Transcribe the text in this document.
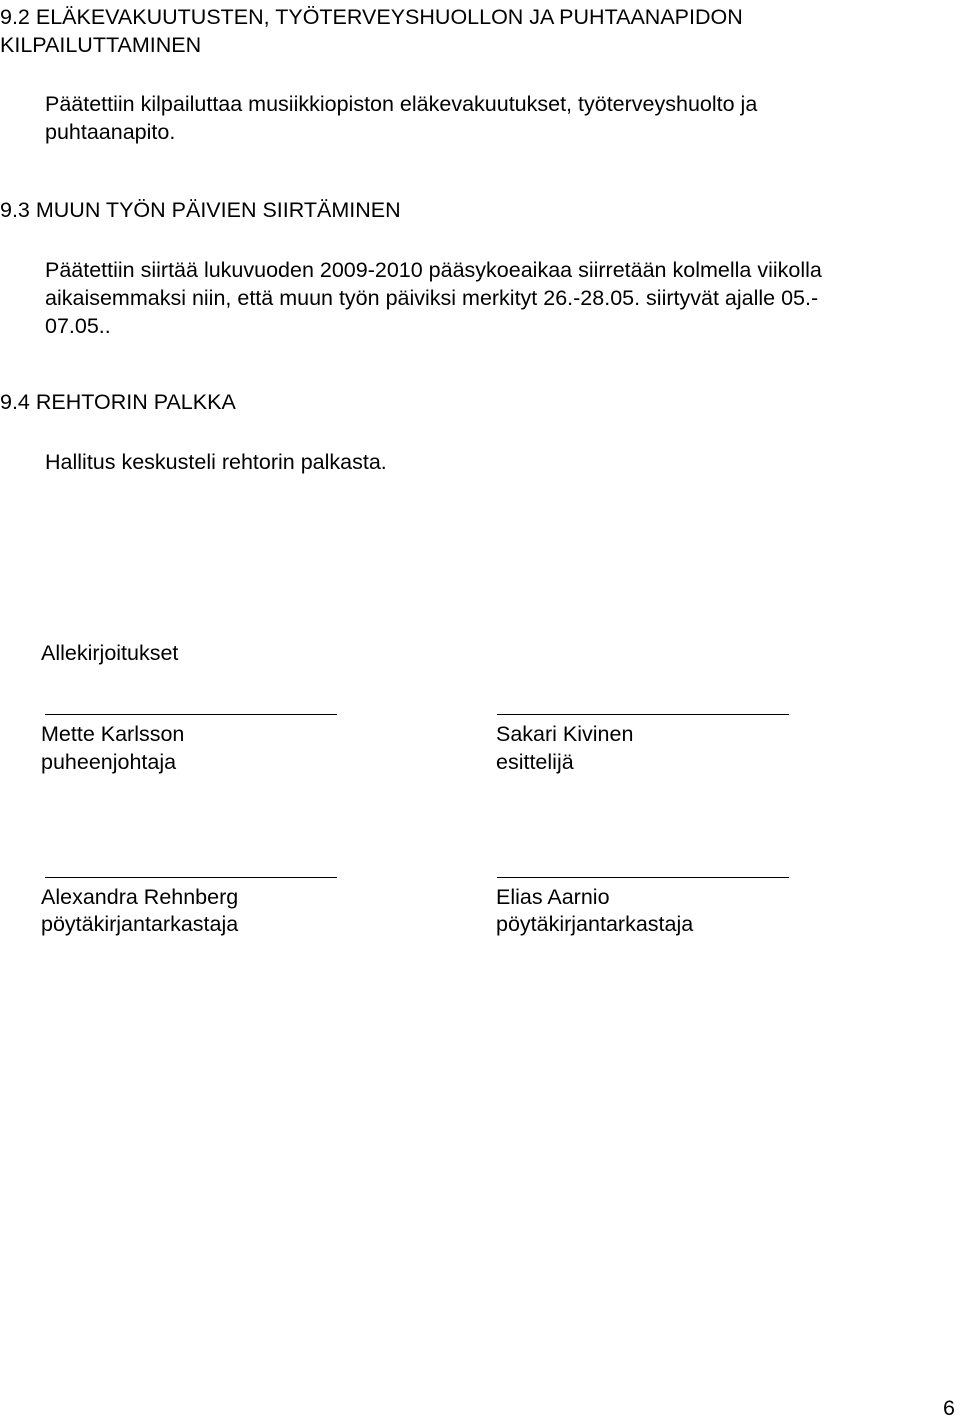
9.2 ELÄKEVAKUUTUSTEN, TYÖTERVEYSHUOLLON JA PUHTAANAPIDON

KILPAILUTTAMINEN

Päätettiin kilpailuttaa musiikkiopiston eläkevakuutukset, työterveyshuolto ja

puhtaanapito.

9.3 MUUN TYÖN PÄIVIEN SIIRTÄMINEN

Päätettiin siirtää lukuvuoden 2009-2010 pääsykoeaikaa siirretään kolmella viikolla

aikaisemmaksi niin, että muun työn päiviksi merkityt 26.-28.05. siirtyvät ajalle 05.-

07.05..

9.4 REHTORIN PALKKA

Hallitus keskusteli rehtorin palkasta.

Allekirjoitukset

Mette Karlsson

puheenjohtaja

Sakari Kivinen

esittelijä

Alexandra Rehnberg

pöytäkirjantarkastaja

Elias Aarnio

pöytäkirjantarkastaja

6
